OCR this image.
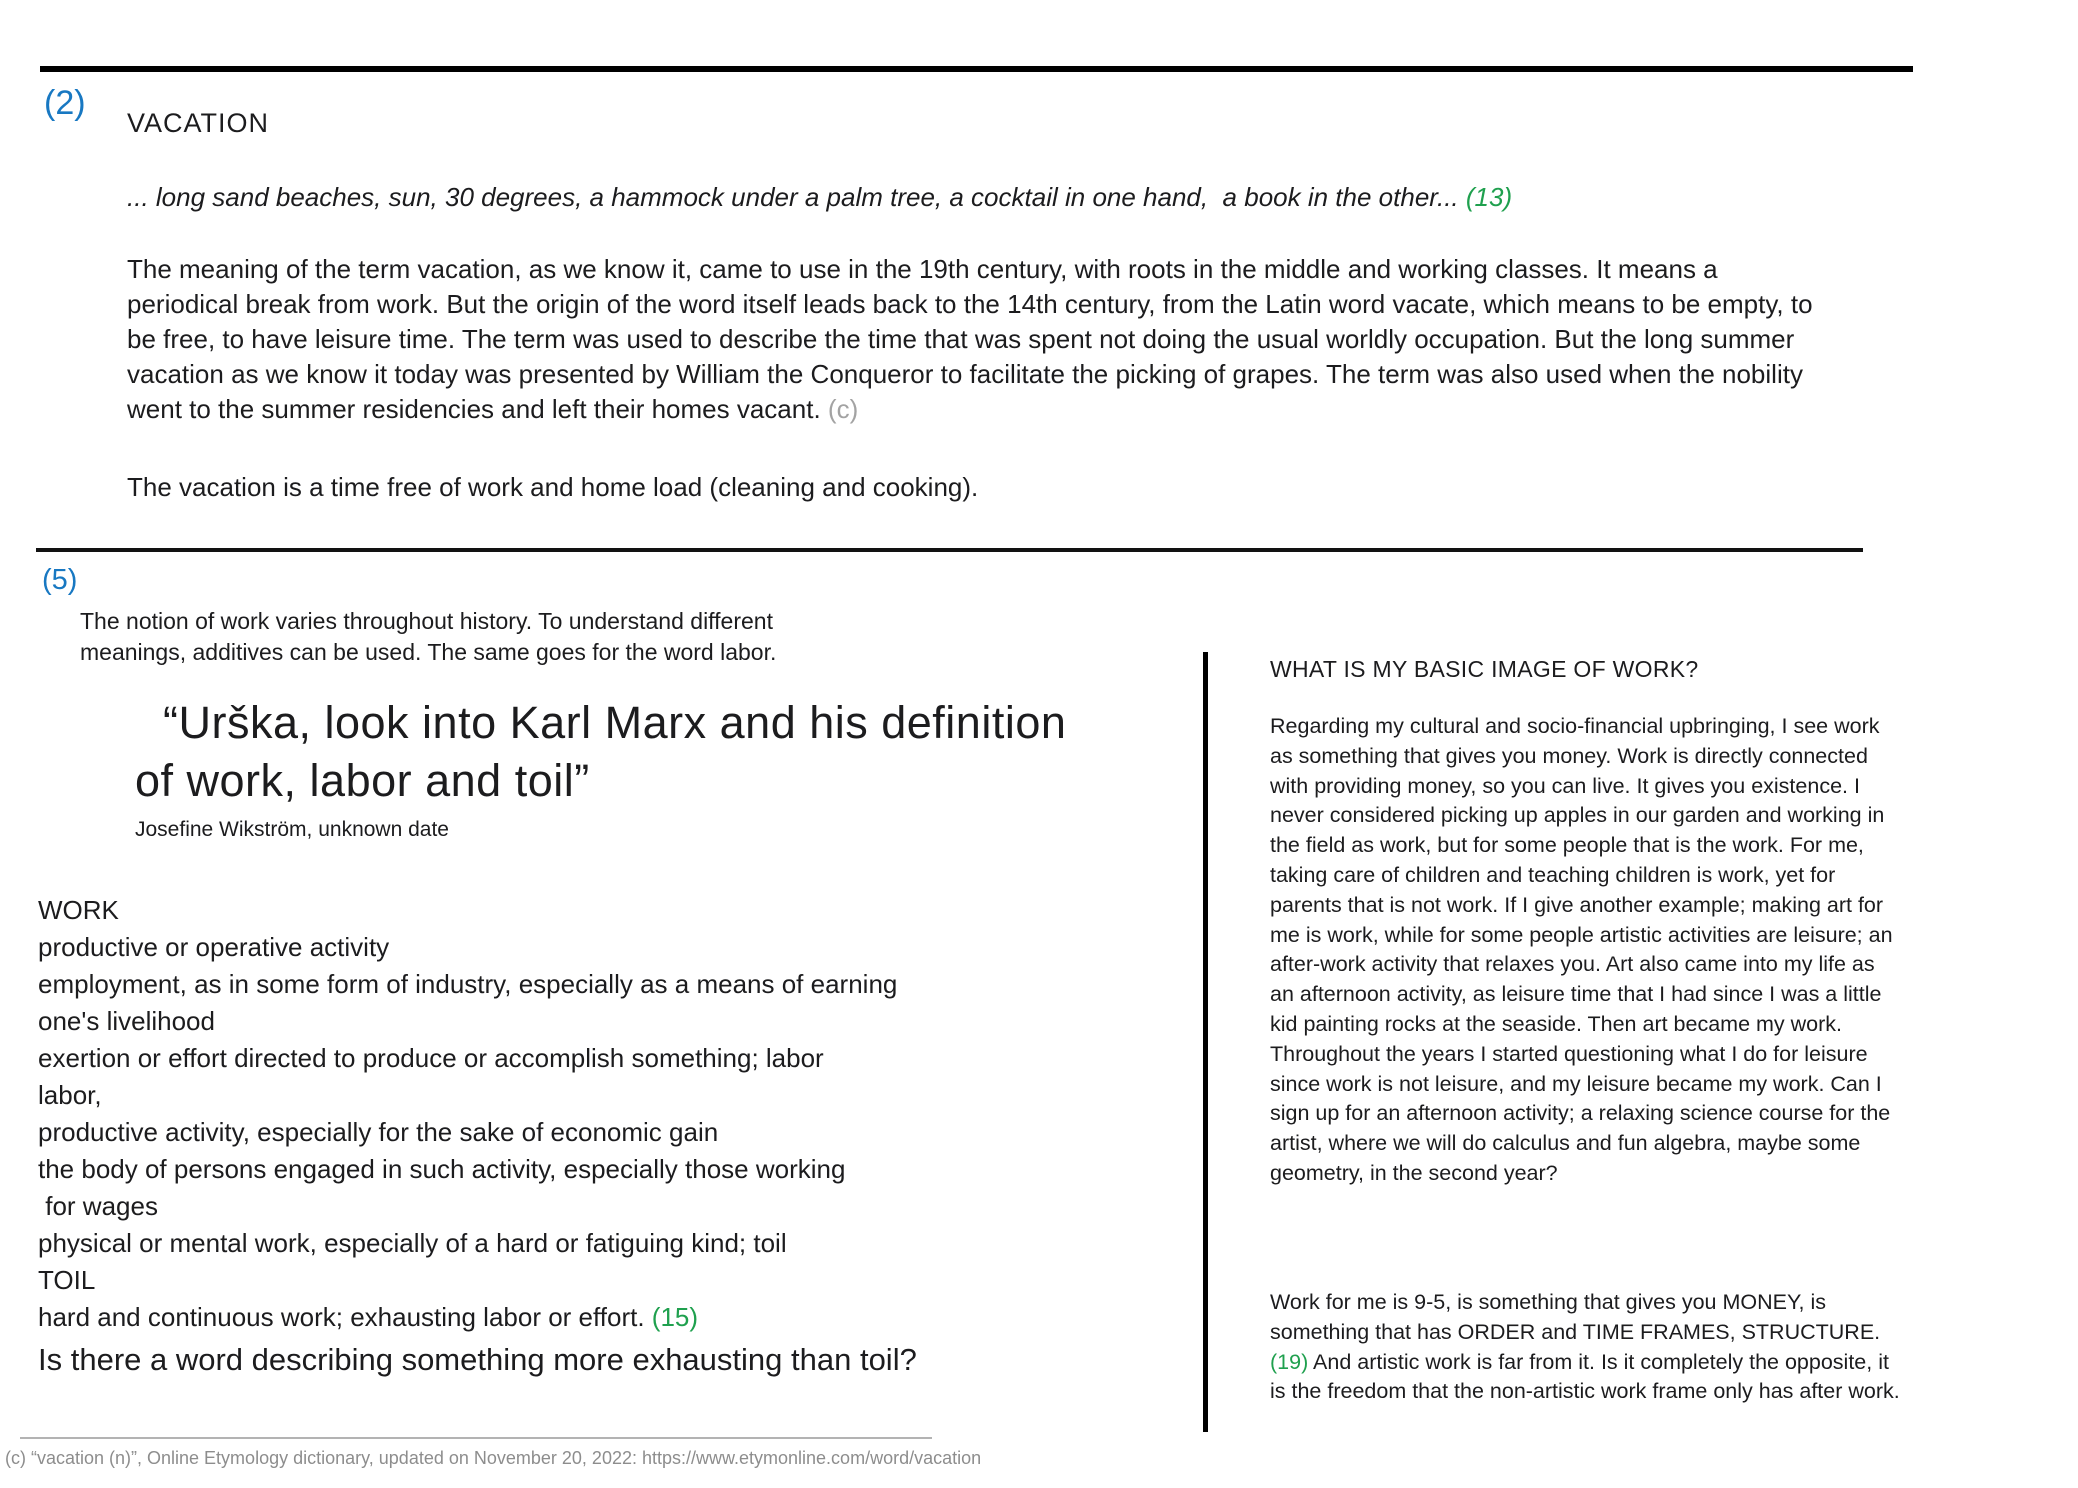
(2)
VACATION
... long sand beaches, sun, 30 degrees, a hammock under a palm tree, a cocktail in one hand,  a book in the other... (13)
The meaning of the term vacation, as we know it, came to use in the 19th century, with roots in the middle and working classes. It means a periodical break from work. But the origin of the word itself leads back to the 14th century, from the Latin word vacate, which means to be empty, to be free, to have leisure time. The term was used to describe the time that was spent not doing the usual worldly occupation. But the long summer vacation as we know it today was presented by William the Conqueror to facilitate the picking of grapes. The term was also used when the nobility went to the summer residencies and left their homes vacant. (c)
The vacation is a time free of work and home load (cleaning and cooking).
(5)
The notion of work varies throughout history. To understand different meanings, additives can be used. The same goes for the word labor.
“Urška, look into Karl Marx and his definition
of work, labor and toil”
Josefine Wikström, unknown date
WORK
productive or operative activity
employment, as in some form of industry, especially as a means of earning
one's livelihood
exertion or effort directed to produce or accomplish something; labor
labor,
productive activity, especially for the sake of economic gain
the body of persons engaged in such activity, especially those working
for wages
physical or mental work, especially of a hard or fatiguing kind; toil
TOIL
hard and continuous work; exhausting labor or effort. (15)
Is there a word describing something more exhausting than toil?
WHAT IS MY BASIC IMAGE OF WORK?
Regarding my cultural and socio-financial upbringing, I see work as something that gives you money. Work is directly connected with providing money, so you can live. It gives you existence. I never considered picking up apples in our garden and working in the field as work, but for some people that is the work. For me, taking care of children and teaching children is work, yet for parents that is not work. If I give another example; making art for me is work, while for some people artistic activities are leisure; an after-work activity that relaxes you. Art also came into my life as an afternoon activity, as leisure time that I had since I was a little kid painting rocks at the seaside. Then art became my work. Throughout the years I started questioning what I do for leisure since work is not leisure, and my leisure became my work. Can I sign up for an afternoon activity; a relaxing science course for the artist, where we will do calculus and fun algebra, maybe some geometry, in the second year?
Work for me is 9-5, is something that gives you MONEY, is something that has ORDER and TIME FRAMES, STRUCTURE. (19) And artistic work is far from it. Is it completely the opposite, it is the freedom that the non-artistic work frame only has after work.
(c) “vacation (n)”, Online Etymology dictionary, updated on November 20, 2022: https://www.etymonline.com/word/vacation
